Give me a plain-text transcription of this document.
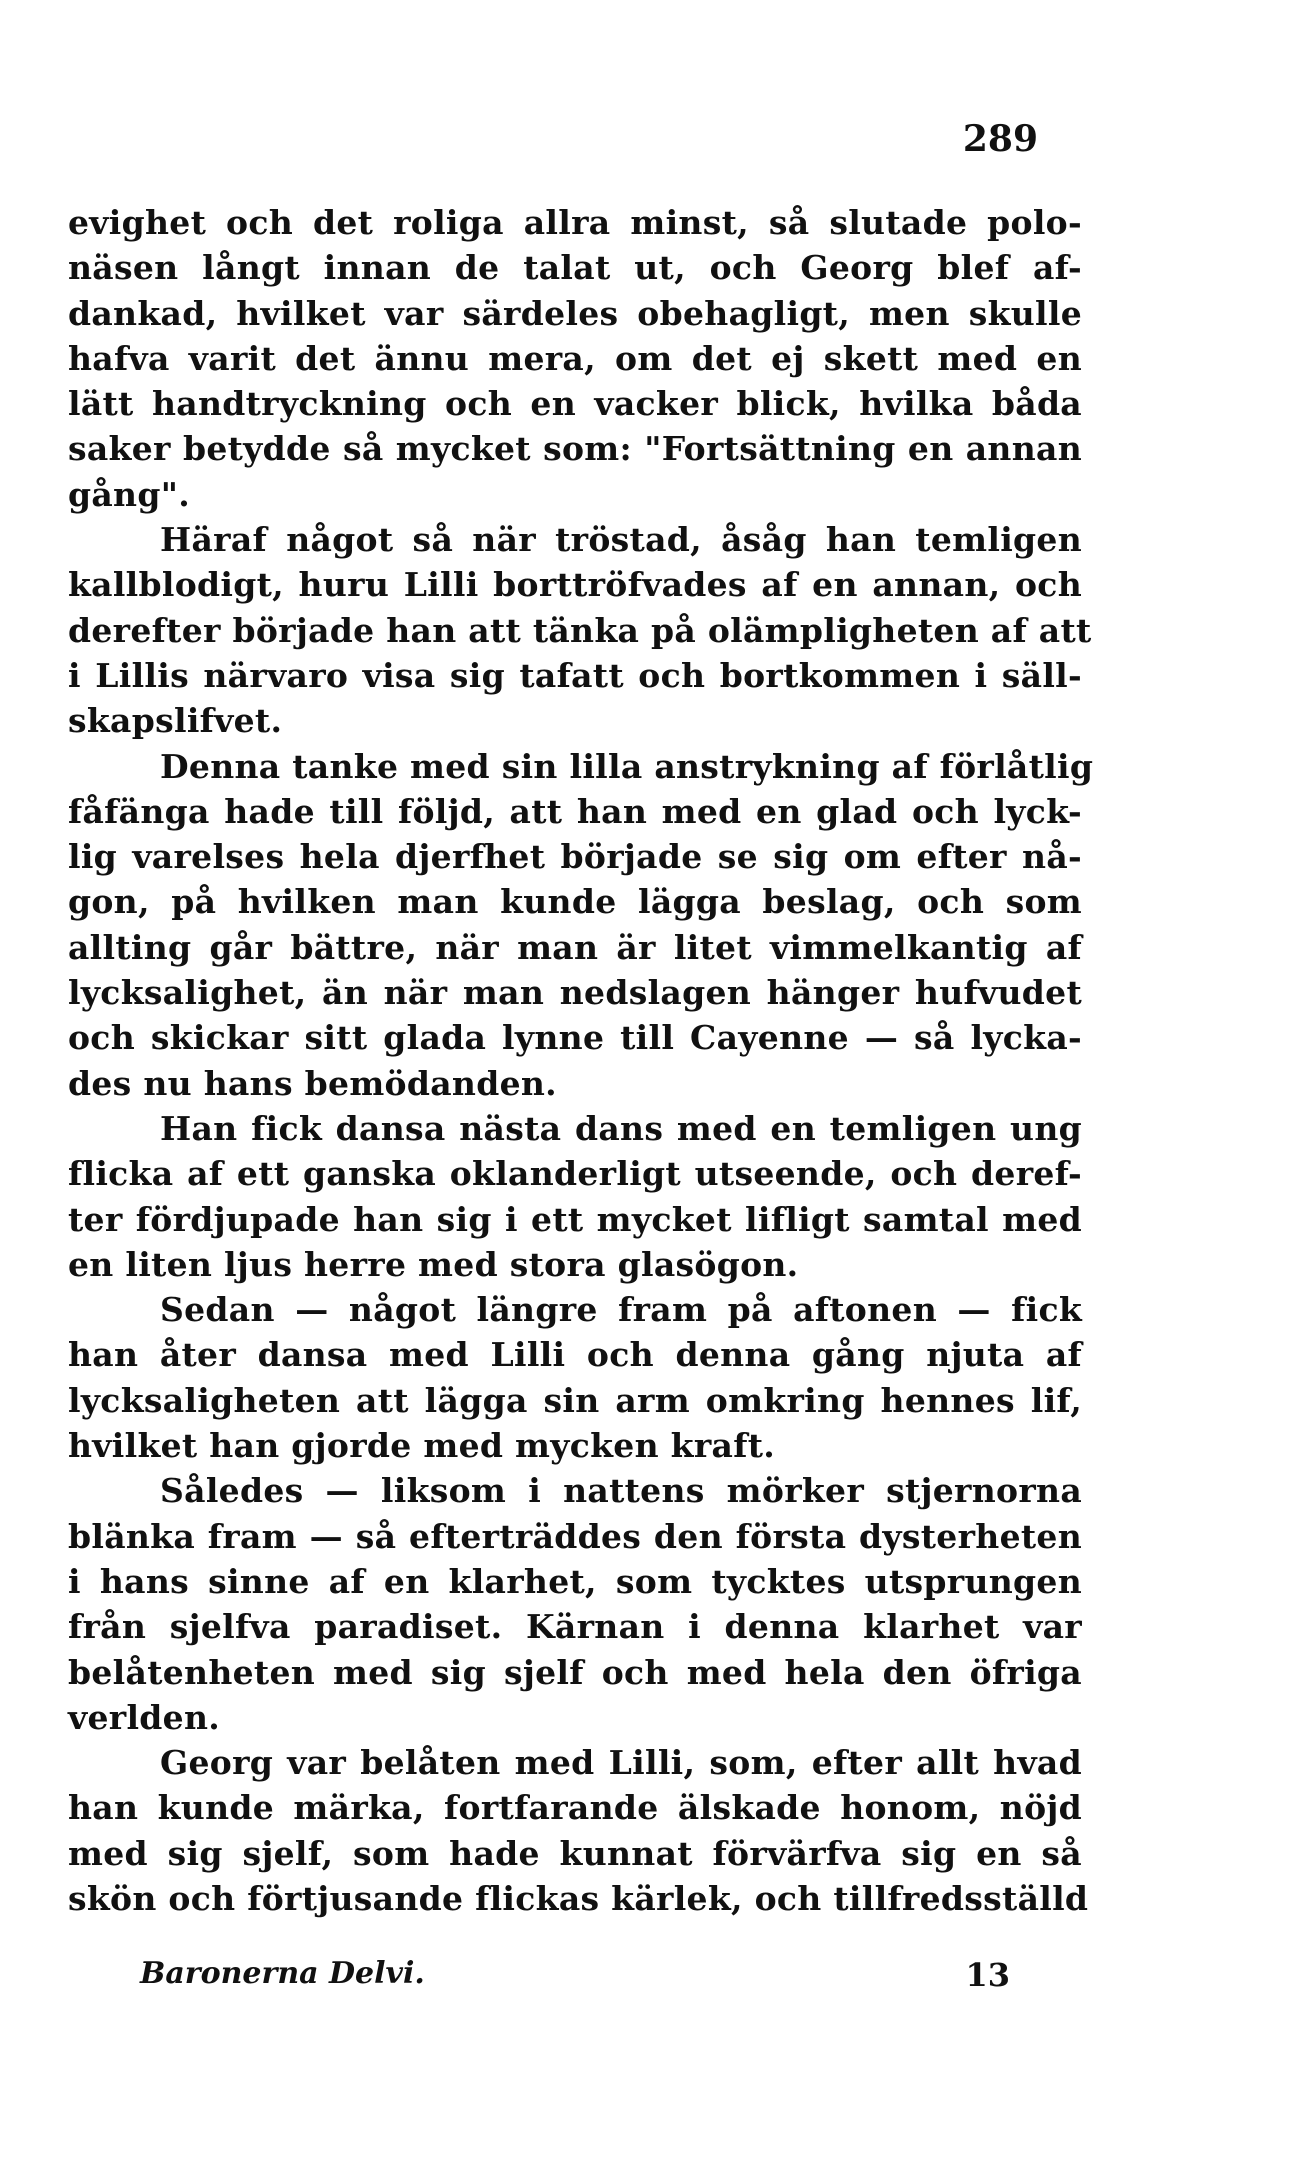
289
evighet och det roliga allra minst, så slutade polo-
näsen långt innan de talat ut, och Georg blef af-
dankad, hvilket var särdeles obehagligt, men skulle
hafva varit det ännu mera, om det ej skett med en
lätt handtryckning och en vacker blick, hvilka båda
saker betydde så mycket som: "Fortsättning en annan
gång".
Häraf något så när tröstad, åsåg han temligen
kallblodigt, huru Lilli borttröfvades af en annan, och
derefter började han att tänka på olämpligheten af att
i Lillis närvaro visa sig tafatt och bortkommen i säll-
skapslifvet.
Denna tanke med sin lilla anstrykning af förlåtlig
fåfänga hade till följd, att han med en glad och lyck-
lig varelses hela djerfhet började se sig om efter nå-
gon, på hvilken man kunde lägga beslag, och som
allting går bättre, när man är litet vimmelkantig af
lycksalighet, än när man nedslagen hänger hufvudet
och skickar sitt glada lynne till Cayenne — så lycka-
des nu hans bemödanden.
Han fick dansa nästa dans med en temligen ung
flicka af ett ganska oklanderligt utseende, och deref-
ter fördjupade han sig i ett mycket lifligt samtal med
en liten ljus herre med stora glasögon.
Sedan — något längre fram på aftonen — fick
han åter dansa med Lilli och denna gång njuta af
lycksaligheten att lägga sin arm omkring hennes lif,
hvilket han gjorde med mycken kraft.
Således — liksom i nattens mörker stjernorna
blänka fram — så efterträddes den första dysterheten
i hans sinne af en klarhet, som tycktes utsprungen
från sjelfva paradiset. Kärnan i denna klarhet var
belåtenheten med sig sjelf och med hela den öfriga
verlden.
Georg var belåten med Lilli, som, efter allt hvad
han kunde märka, fortfarande älskade honom, nöjd
med sig sjelf, som hade kunnat förvärfva sig en så
skön och förtjusande flickas kärlek, och tillfredsställd
Baronerna Delvi.	13
